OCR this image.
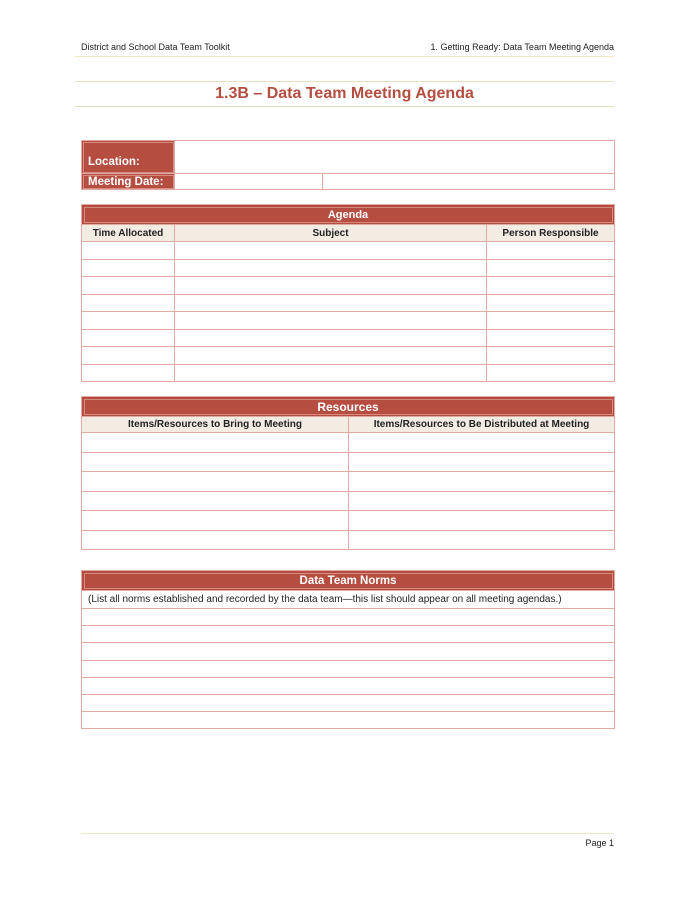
District and School Data Team Toolkit	1. Getting Ready: Data Team Meeting Agenda
1.3B – Data Team Meeting Agenda
Location:		
Meeting Date:		
Agenda		
Time Allocated	Subject	Person Responsible

Resources	
Items/Resources to Bring to Meeting	Items/Resources to Be Distributed at Meeting

Data Team Norms
(List all norms established and recorded by the data team—this list should appear on all meeting agendas.)

Page 1
